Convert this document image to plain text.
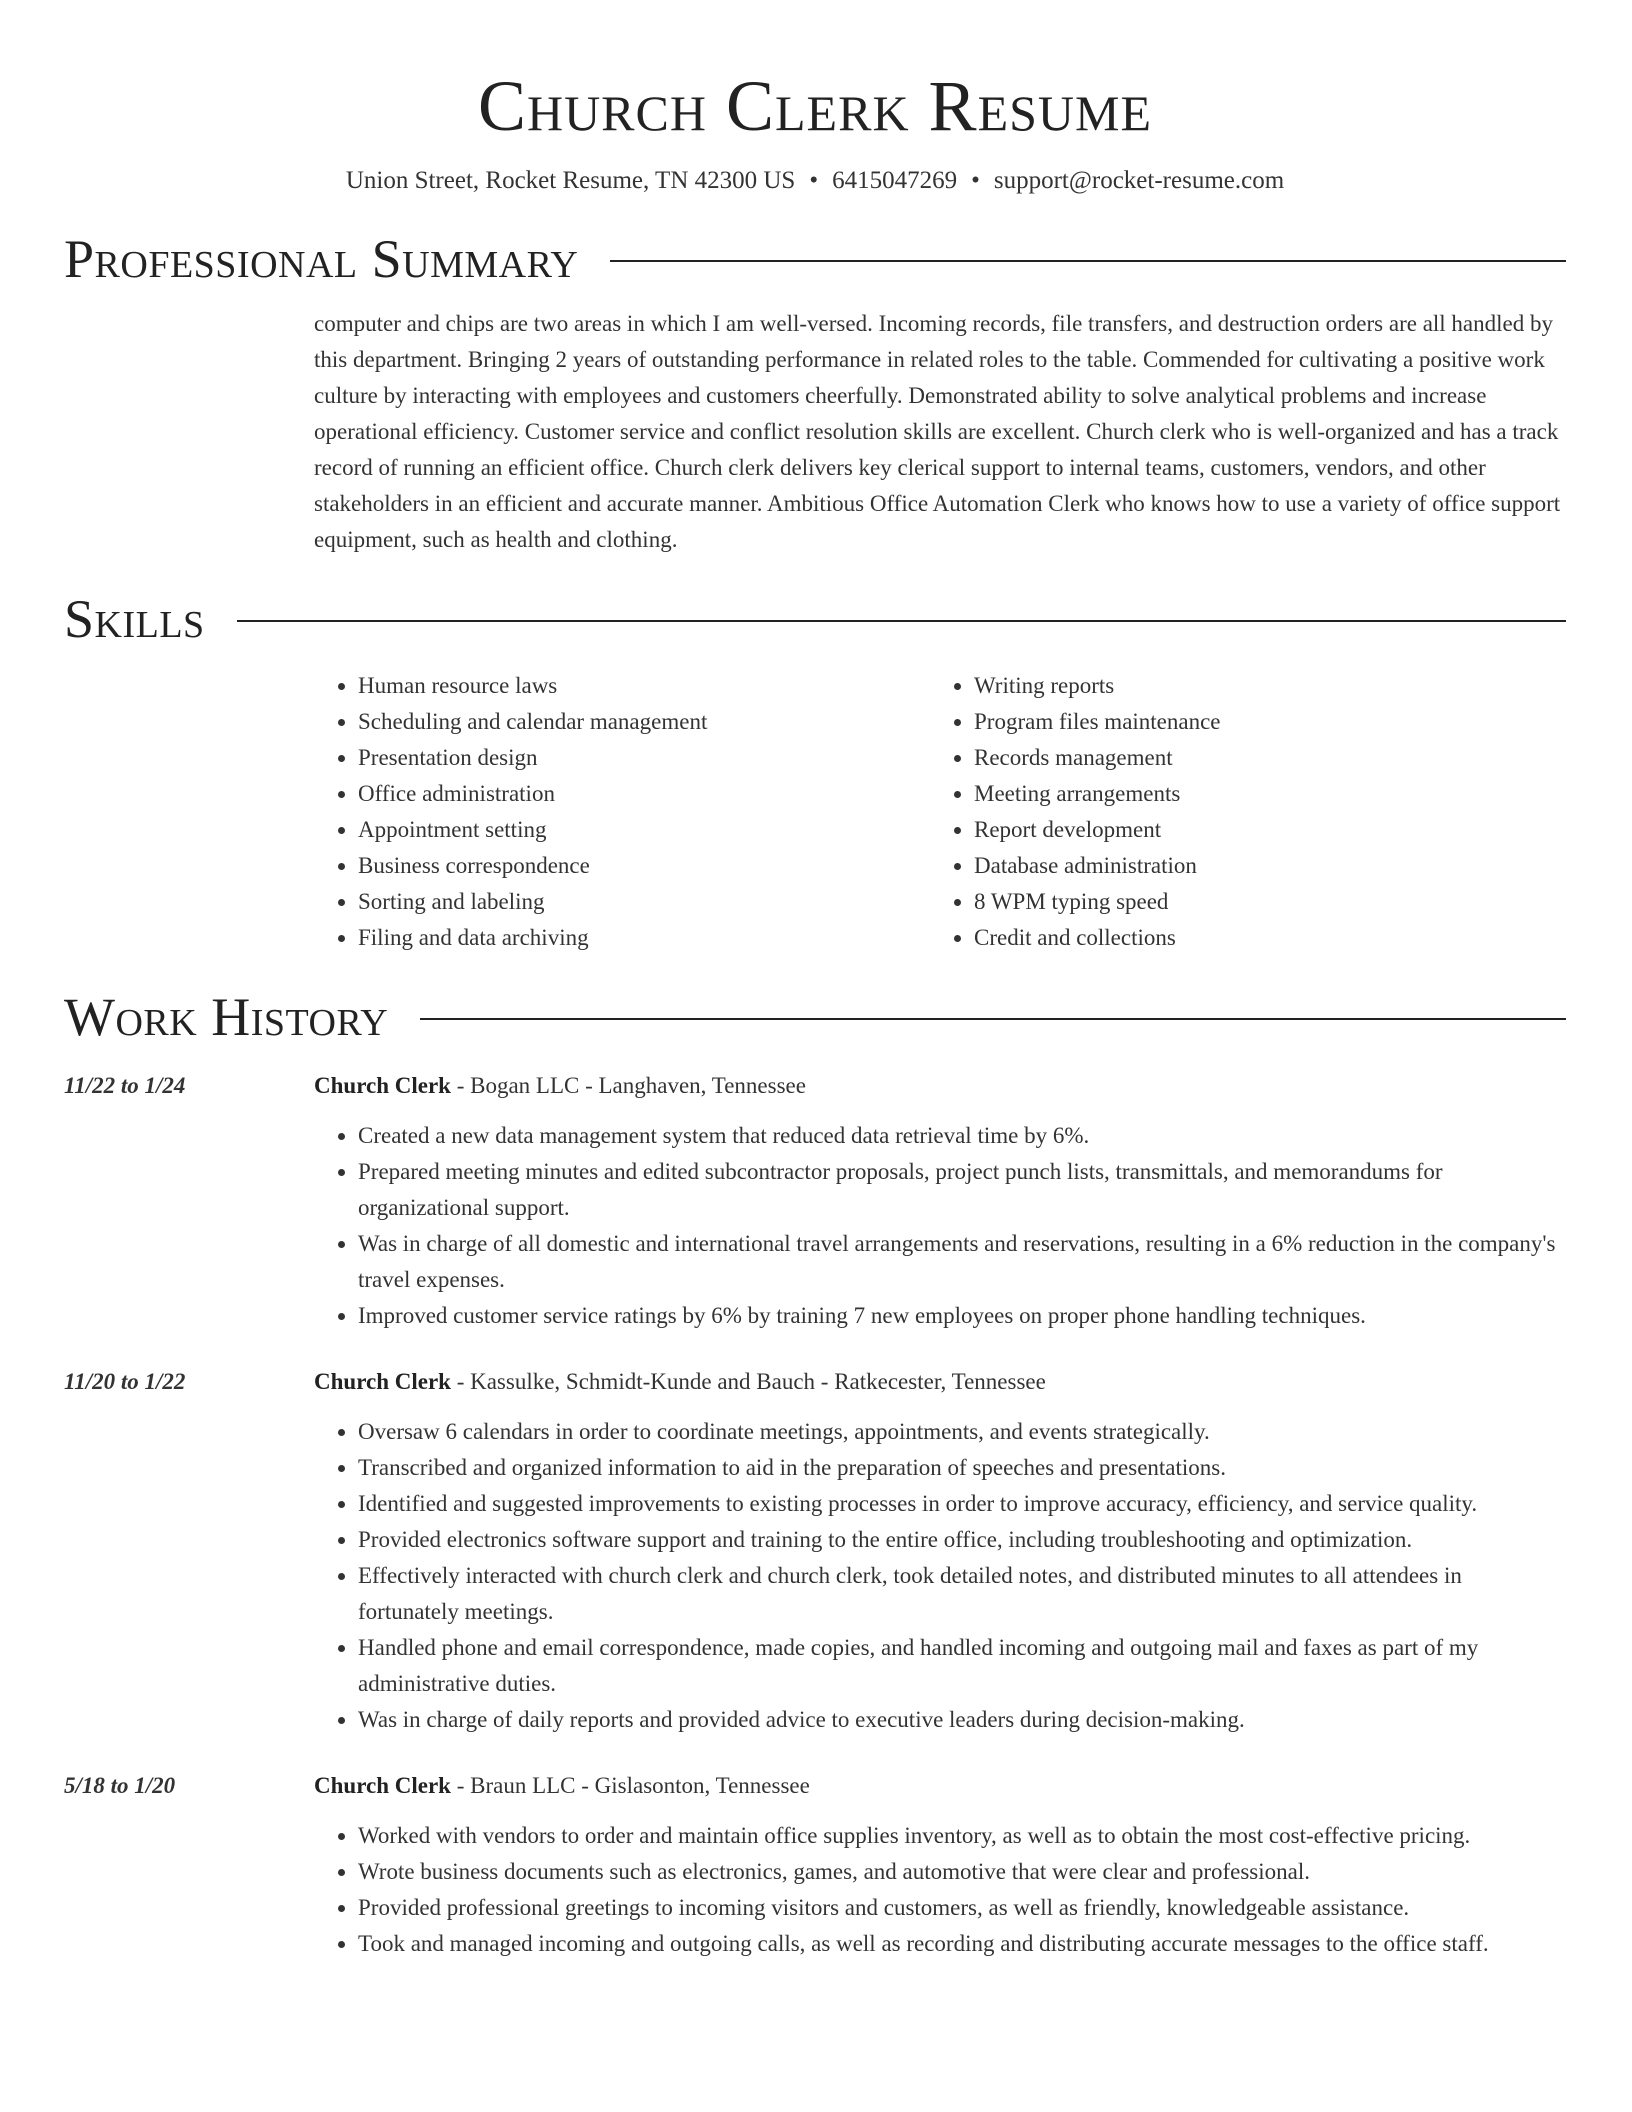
Church Clerk Resume
Union Street, Rocket Resume, TN 42300 US • 6415047269 • support@rocket-resume.com
Professional Summary
computer and chips are two areas in which I am well-versed. Incoming records, file transfers, and destruction orders are all handled by this department. Bringing 2 years of outstanding performance in related roles to the table. Commended for cultivating a positive work culture by interacting with employees and customers cheerfully. Demonstrated ability to solve analytical problems and increase operational efficiency. Customer service and conflict resolution skills are excellent. Church clerk who is well-organized and has a track record of running an efficient office. Church clerk delivers key clerical support to internal teams, customers, vendors, and other stakeholders in an efficient and accurate manner. Ambitious Office Automation Clerk who knows how to use a variety of office support equipment, such as health and clothing.
Skills
• Human resource laws
• Scheduling and calendar management
• Presentation design
• Office administration
• Appointment setting
• Business correspondence
• Sorting and labeling
• Filing and data archiving
• Writing reports
• Program files maintenance
• Records management
• Meeting arrangements
• Report development
• Database administration
• 8 WPM typing speed
• Credit and collections
Work History
11/22 to 1/24	Church Clerk - Bogan LLC - Langhaven, Tennessee
• Created a new data management system that reduced data retrieval time by 6%.
• Prepared meeting minutes and edited subcontractor proposals, project punch lists, transmittals, and memorandums for organizational support.
• Was in charge of all domestic and international travel arrangements and reservations, resulting in a 6% reduction in the company's travel expenses.
• Improved customer service ratings by 6% by training 7 new employees on proper phone handling techniques.
11/20 to 1/22	Church Clerk - Kassulke, Schmidt-Kunde and Bauch - Ratkecester, Tennessee
• Oversaw 6 calendars in order to coordinate meetings, appointments, and events strategically.
• Transcribed and organized information to aid in the preparation of speeches and presentations.
• Identified and suggested improvements to existing processes in order to improve accuracy, efficiency, and service quality.
• Provided electronics software support and training to the entire office, including troubleshooting and optimization.
• Effectively interacted with church clerk and church clerk, took detailed notes, and distributed minutes to all attendees in fortunately meetings.
• Handled phone and email correspondence, made copies, and handled incoming and outgoing mail and faxes as part of my administrative duties.
• Was in charge of daily reports and provided advice to executive leaders during decision-making.
5/18 to 1/20	Church Clerk - Braun LLC - Gislasonton, Tennessee
• Worked with vendors to order and maintain office supplies inventory, as well as to obtain the most cost-effective pricing.
• Wrote business documents such as electronics, games, and automotive that were clear and professional.
• Provided professional greetings to incoming visitors and customers, as well as friendly, knowledgeable assistance.
• Took and managed incoming and outgoing calls, as well as recording and distributing accurate messages to the office staff.
